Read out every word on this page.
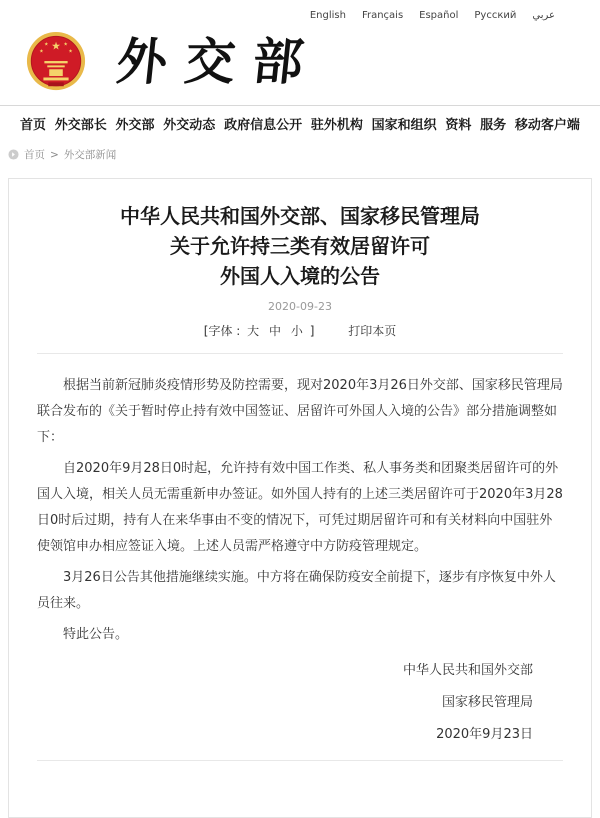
English Français Español Русский عربي
★
★	★
★	★ 外交部
首页 外交部长 外交部 外交动态 政府信息公开 驻外机构 国家和组织 资料 服务 移动客户端
首页 > 外交部新闻
中华人民共和国外交部、国家移民管理局
关于允许持三类有效居留许可
外国人入境的公告
2020-09-23
[字体 : 大 中 小 ]	打印本页

根据当前新冠肺炎疫情形势及防控需要，现对2020年3月26日外交部、国家移民管理局联合发布的《关于暂时停止持有效中国签证、居留许可外国人入境的公告》部分措施调整如下：

自2020年9月28日0时起，允许持有效中国工作类、私人事务类和团聚类居留许可的外国人入境，相关人员无需重新申办签证。如外国人持有的上述三类居留许可于2020年3月28日0时后过期，持有人在来华事由不变的情况下，可凭过期居留许可和有关材料向中国驻外使领馆申办相应签证入境。上述人员需严格遵守中方防疫管理规定。

3月26日公告其他措施继续实施。中方将在确保防疫安全前提下，逐步有序恢复中外人员往来。

特此公告。

中华人民共和国外交部
国家移民管理局
2020年9月23日
